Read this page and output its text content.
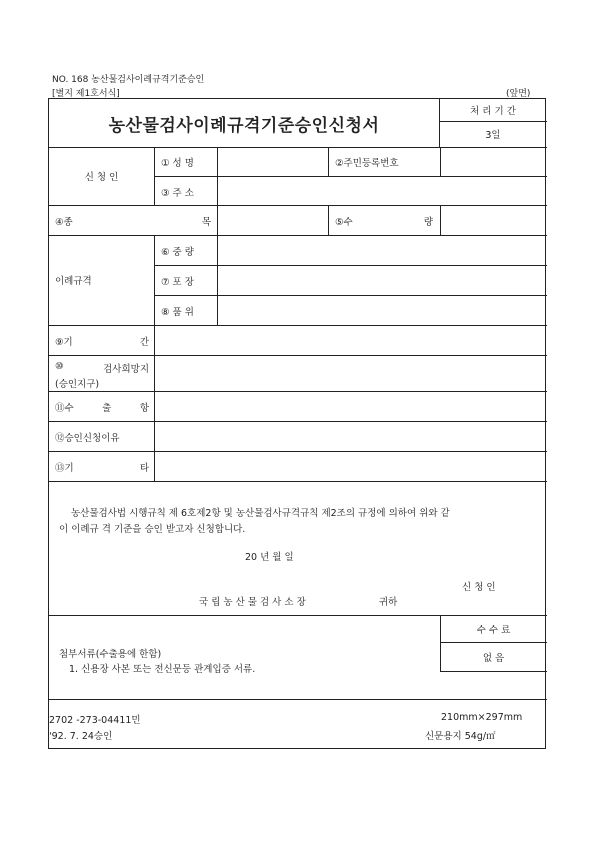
NO. 168 농산물검사이례규격기준승인
[별지 제1호서식]	(앞면)
농산물검사이례규격기준승인신청서
처 리 기 간
3일
신 청 인
① 성 명	②주민등록번호
③ 주 소
④종	목	⑤수	량
이례규격
⑥ 중 량
⑦ 포 장
⑧ 품 위
⑨기	간
⑩	검사희망지
(승인지구)
⑪수	출	항
⑫승인신청이유
⑬기	타
농산물검사법 시행규칙 제 6호제2항 및 농산물검사규격규칙 제2조의 규정에 의하여 위와 같
이 이례규 격 기준을 승인 받고자 신청합니다.
20 년 월 일
신 청 인
국 립 농 산 물 검 사 소 장	귀하
첨부서류(수출용에 한함)
1. 신용장 사본 또는 전신문등 관계입증 서류.
수 수 료
없 음
2702 -273-04411민
'92. 7. 24승인
210mm×297mm
신문용지 54g/㎡
